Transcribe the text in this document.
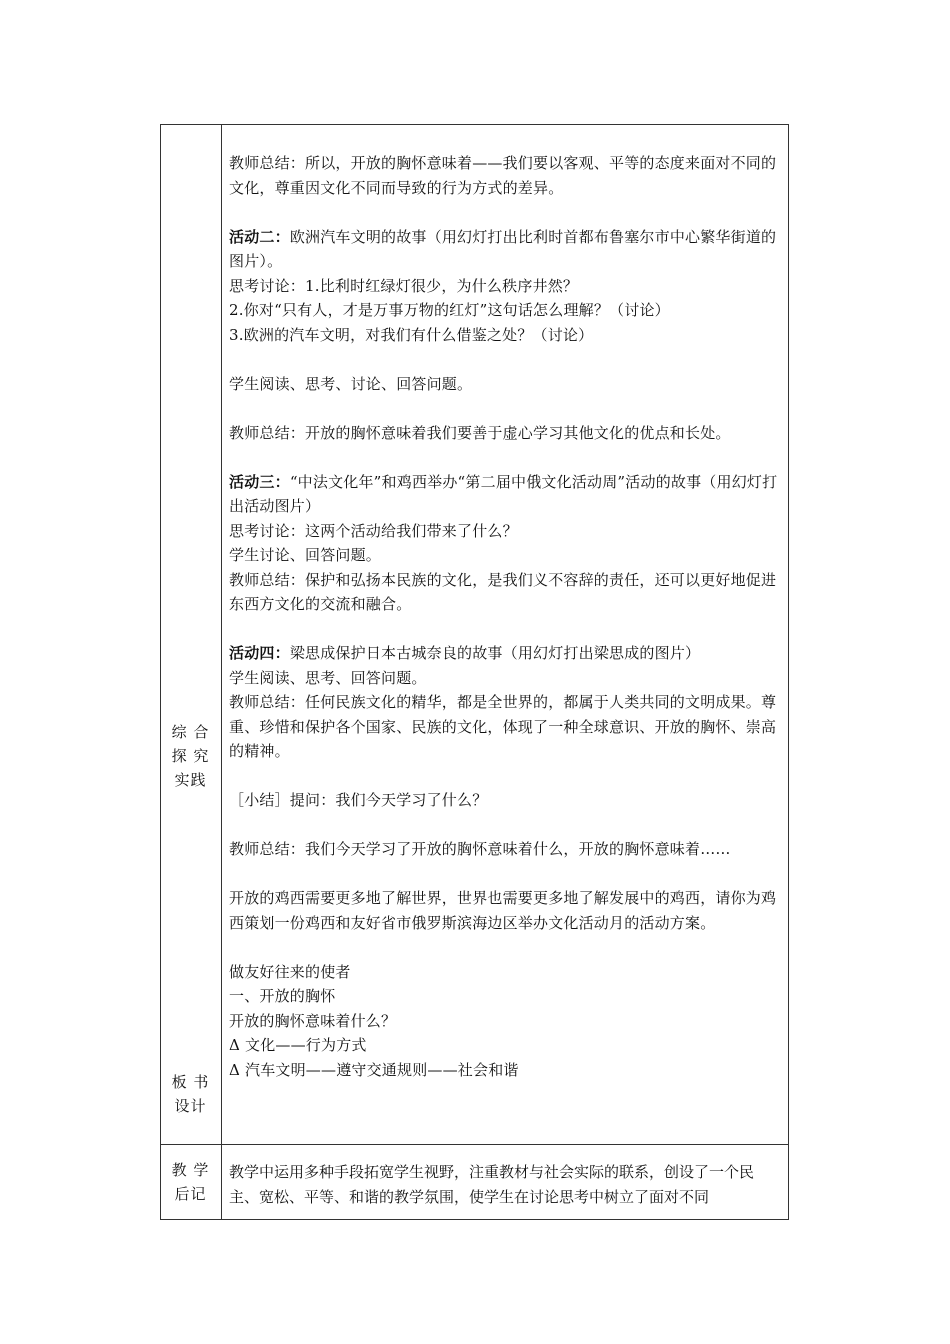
综 合
探 究
实践
板 书
设计
教 学
后记

教师总结：所以，开放的胸怀意味着——我们要以客观、平等的态度来面对不同的文化，尊重因文化不同而导致的行为方式的差异。

活动二：欧洲汽车文明的故事（用幻灯打出比利时首都布鲁塞尔市中心繁华街道的图片）。

思考讨论：1.比利时红绿灯很少，为什么秩序井然？

2.你对“只有人，才是万事万物的红灯”这句话怎么理解？（讨论）

3.欧洲的汽车文明，对我们有什么借鉴之处？（讨论）

学生阅读、思考、讨论、回答问题。

教师总结：开放的胸怀意味着我们要善于虚心学习其他文化的优点和长处。

活动三：“中法文化年”和鸡西举办“第二届中俄文化活动周”活动的故事（用幻灯打出活动图片）

思考讨论：这两个活动给我们带来了什么？

学生讨论、回答问题。

教师总结：保护和弘扬本民族的文化，是我们义不容辞的责任，还可以更好地促进东西方文化的交流和融合。

活动四：梁思成保护日本古城奈良的故事（用幻灯打出梁思成的图片）

学生阅读、思考、回答问题。

教师总结：任何民族文化的精华，都是全世界的，都属于人类共同的文明成果。尊重、珍惜和保护各个国家、民族的文化，体现了一种全球意识、开放的胸怀、崇高的精神。

［小结］提问：我们今天学习了什么？

教师总结：我们今天学习了开放的胸怀意味着什么，开放的胸怀意味着……

开放的鸡西需要更多地了解世界，世界也需要更多地了解发展中的鸡西，请你为鸡西策划一份鸡西和友好省市俄罗斯滨海边区举办文化活动月的活动方案。

做友好往来的使者

一、开放的胸怀

开放的胸怀意味着什么？

Δ 文化——行为方式

Δ 汽车文明——遵守交通规则——社会和谐

教学中运用多种手段拓宽学生视野，注重教材与社会实际的联系，创设了一个民主、宽松、平等、和谐的教学氛围，使学生在讨论思考中树立了面对不同
